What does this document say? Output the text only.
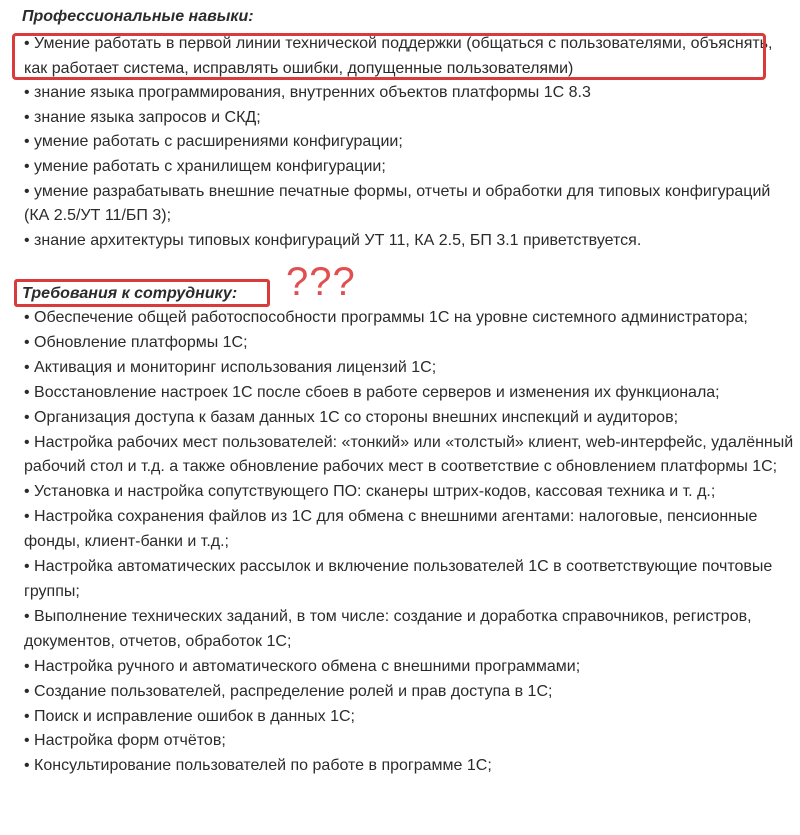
Профессиональные навыки:
• Умение работать в первой линии технической поддержки (общаться с пользователями, объяснять, как работает система, исправлять ошибки, допущенные пользователями)
• знание языка программирования, внутренних объектов платформы 1С 8.3
• знание языка запросов и СКД;
• умение работать с расширениями конфигурации;
• умение работать с хранилищем конфигурации;
• умение разрабатывать внешние печатные формы, отчеты и обработки для типовых конфигураций (КА 2.5/УТ 11/БП 3);
• знание архитектуры типовых конфигураций УТ 11, КА 2.5, БП 3.1 приветствуется.
Требования к сотруднику:
• Обеспечение общей работоспособности программы 1С на уровне системного администратора;
• Обновление платформы 1С;
• Активация и мониторинг использования лицензий 1С;
• Восстановление настроек 1С после сбоев в работе серверов и изменения их функционала;
• Организация доступа к базам данных 1С со стороны внешних инспекций и аудиторов;
• Настройка рабочих мест пользователей: «тонкий» или «толстый» клиент, web-интерфейс, удалённый рабочий стол и т.д. а также обновление рабочих мест в соответствие с обновлением платформы 1С;
• Установка и настройка сопутствующего ПО: сканеры штрих-кодов, кассовая техника и т. д.;
• Настройка сохранения файлов из 1С для обмена с внешними агентами: налоговые, пенсионные фонды, клиент-банки и т.д.;
• Настройка автоматических рассылок и включение пользователей 1С в соответствующие почтовые группы;
• Выполнение технических заданий, в том числе: создание и доработка справочников, регистров, документов, отчетов, обработок 1С;
• Настройка ручного и автоматического обмена с внешними программами;
• Создание пользователей, распределение ролей и прав доступа в 1С;
• Поиск и исправление ошибок в данных 1С;
• Настройка форм отчётов;
• Консультирование пользователей по работе в программе 1С;
???
